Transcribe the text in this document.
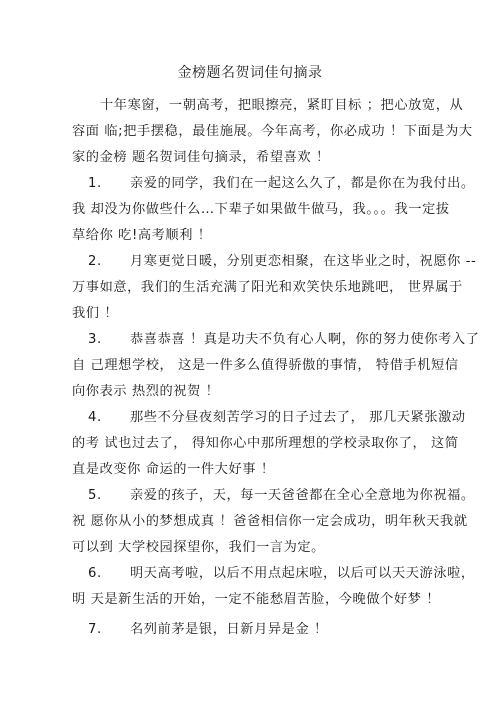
金榜题名贺词佳句摘录
十年寒窗，一朝高考，把眼擦亮，紧盯目标 ；把心放宽，从
容面 临;把手摆稳，最佳施展。今年高考，你必成功 ！下面是为大
家的金榜 题名贺词佳句摘录，希望喜欢 ！
1. 亲爱的同学，我们在一起这么久了，都是你在为我付出。
我 却没为你做些什么…下辈子如果做牛做马，我。。。我一定拔
草给你 吃!高考顺利 ！
2. 月寒更觉日暖，分别更恋相聚，在这毕业之时，祝愿你 --
万事如意，我们的生活充满了阳光和欢笑快乐地跳吧， 世界属于
我们 ！
3. 恭喜恭喜 ！真是功夫不负有心人啊，你的努力使你考入了
自 己理想学校， 这是一件多么值得骄傲的事情， 特借手机短信
向你表示 热烈的祝贺 ！
4. 那些不分昼夜刻苦学习的日子过去了， 那几天紧张激动
的考 试也过去了， 得知你心中那所理想的学校录取你了， 这简
直是改变你 命运的一件大好事 ！
5. 亲爱的孩子，天，每一天爸爸都在全心全意地为你祝福。
祝 愿你从小的梦想成真 ！爸爸相信你一定会成功，明年秋天我就
可以到 大学校园探望你，我们一言为定。
6. 明天高考啦，以后不用点起床啦，以后可以天天游泳啦，
明 天是新生活的开始，一定不能愁眉苦脸，今晚做个好梦 ！
7. 名列前茅是银，日新月异是金 ！
